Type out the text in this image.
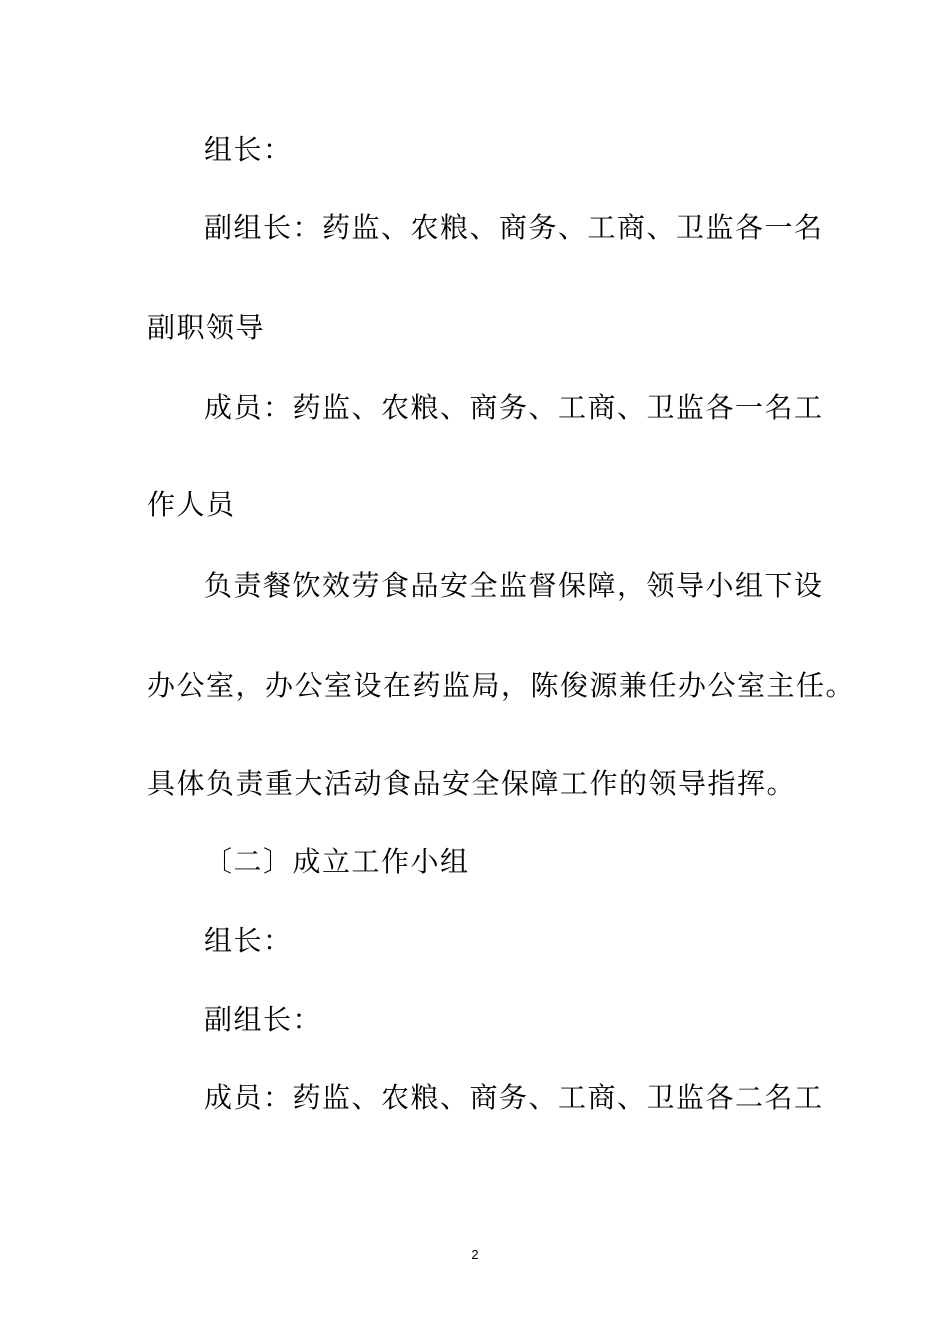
组长：
副组长：药监、农粮、商务、工商、卫监各一名
副职领导
成员：药监、农粮、商务、工商、卫监各一名工
作人员
负责餐饮效劳食品安全监督保障，领导小组下设
办公室，办公室设在药监局，陈俊源兼任办公室主任。
具体负责重大活动食品安全保障工作的领导指挥。
〔二〕成立工作小组
组长：
副组长：
成员：药监、农粮、商务、工商、卫监各二名工
2
